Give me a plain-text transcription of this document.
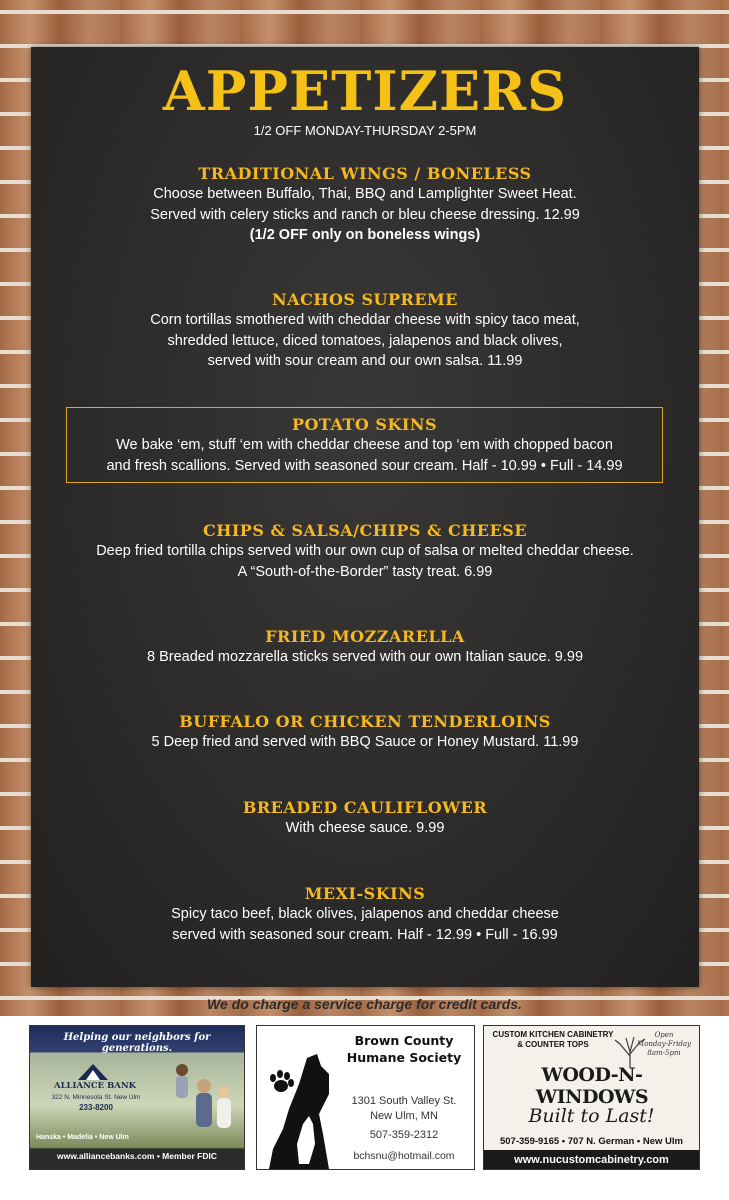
APPETIZERS
1/2 OFF MONDAY-THURSDAY 2-5PM
TRADITIONAL WINGS / BONELESS
Choose between Buffalo, Thai, BBQ and Lamplighter Sweet Heat.
Served with celery sticks and ranch or bleu cheese dressing. 12.99
(1/2 OFF only on boneless wings)
NACHOS SUPREME
Corn tortillas smothered with cheddar cheese with spicy taco meat,
shredded lettuce, diced tomatoes, jalapenos and black olives,
served with sour cream and our own salsa. 11.99
POTATO SKINS
We bake ‘em, stuff ‘em with cheddar cheese and top ‘em with chopped bacon
and fresh scallions. Served with seasoned sour cream. Half - 10.99 • Full - 14.99
CHIPS & SALSA/CHIPS & CHEESE
Deep fried tortilla chips served with our own cup of salsa or melted cheddar cheese.
A “South-of-the-Border” tasty treat. 6.99
FRIED MOZZARELLA
8 Breaded mozzarella sticks served with our own Italian sauce. 9.99
BUFFALO OR CHICKEN TENDERLOINS
5 Deep fried and served with BBQ Sauce or Honey Mustard. 11.99
BREADED CAULIFLOWER
With cheese sauce. 9.99
MEXI-SKINS
Spicy taco beef, black olives, jalapenos and cheddar cheese
served with seasoned sour cream. Half - 12.99 • Full - 16.99
We do charge a service charge for credit cards.
Helping our neighbors for generations.
ALLIANCE BANK
322 N. Minnesota St. New Ulm
233-8200
Hanska • Madelia • New Ulm
www.alliancebanks.com • Member FDIC
Brown County
Humane Society
1301 South Valley St.
New Ulm, MN
507-359-2312
bchsnu@hotmail.com
CUSTOM KITCHEN CABINETRY
& COUNTER TOPS
Open
Monday-Friday
8am-5pm
WOOD-N-WINDOWS
Built to Last!
507-359-9165 • 707 N. German • New Ulm
www.nucustomcabinetry.com
